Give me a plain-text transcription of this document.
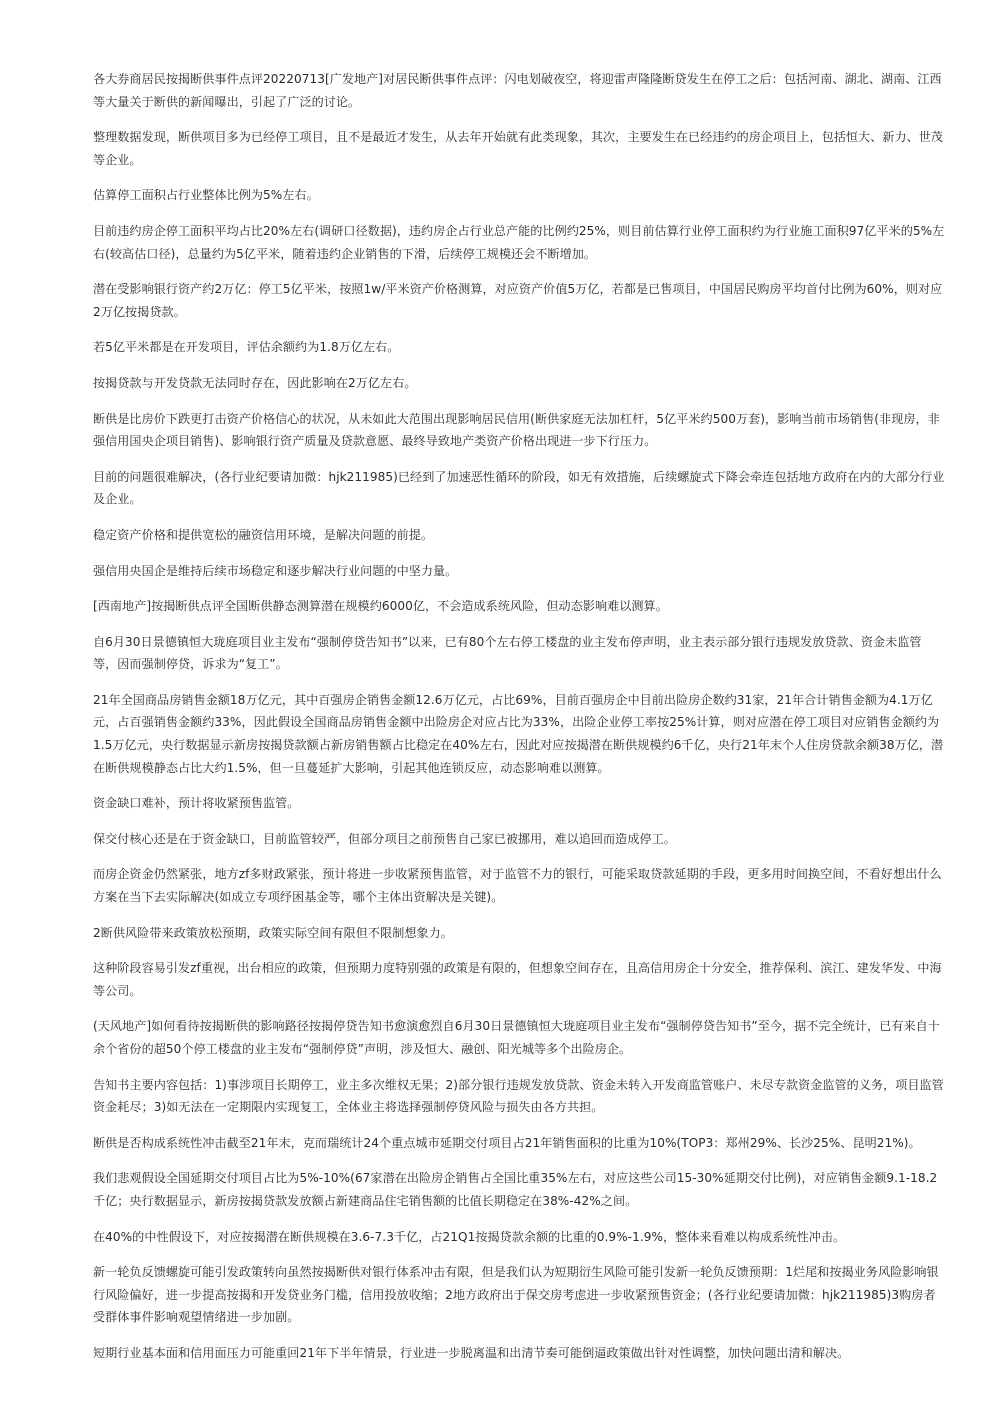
各大券商居民按揭断供事件点评20220713[广发地产]对居民断供事件点评：闪电划破夜空，将迎雷声隆隆断贷发生在停工之后：包括河南、湖北、湖南、江西等大量关于断供的新闻曝出，引起了广泛的讨论。

整理数据发现，断供项目多为已经停工项目，且不是最近才发生，从去年开始就有此类现象，其次，主要发生在已经违约的房企项目上，包括恒大、新力、世茂等企业。

估算停工面积占行业整体比例为5%左右。

目前违约房企停工面积平均占比20%左右(调研口径数据)，违约房企占行业总产能的比例约25%，则目前估算行业停工面积约为行业施工面积97亿平米的5%左右(较高估口径)，总量约为5亿平米，随着违约企业销售的下滑，后续停工规模还会不断增加。

潜在受影响银行资产约2万亿：停工5亿平米，按照1w/平米资产价格测算，对应资产价值5万亿，若都是已售项目，中国居民购房平均首付比例为60%，则对应2万亿按揭贷款。

若5亿平米都是在开发项目，评估余额约为1.8万亿左右。

按揭贷款与开发贷款无法同时存在，因此影响在2万亿左右。

断供是比房价下跌更打击资产价格信心的状况，从未如此大范围出现影响居民信用(断供家庭无法加杠杆，5亿平米约500万套)，影响当前市场销售(非现房，非强信用国央企项目销售)、影响银行资产质量及贷款意愿、最终导致地产类资产价格出现进一步下行压力。

目前的问题很难解决，(各行业纪要请加微：hjk211985)已经到了加速恶性循环的阶段，如无有效措施，后续螺旋式下降会牵连包括地方政府在内的大部分行业及企业。

稳定资产价格和提供宽松的融资信用环境，是解决问题的前提。

强信用央国企是维持后续市场稳定和逐步解决行业问题的中坚力量。

[西南地产]按揭断供点评全国断供静态测算潜在规模约6000亿，不会造成系统风险，但动态影响难以测算。

自6月30日景德镇恒大珑庭项目业主发布“强制停贷告知书”以来，已有80个左右停工楼盘的业主发布停声明，业主表示部分银行违规发放贷款、资金未监管等，因而强制停贷，诉求为“复工”。

21年全国商品房销售金额18万亿元，其中百强房企销售金额12.6万亿元，占比69%，目前百强房企中目前出险房企数约31家，21年合计销售金额为4.1万亿元，占百强销售金额约33%，因此假设全国商品房销售金额中出险房企对应占比为33%，出险企业停工率按25%计算，则对应潜在停工项目对应销售金额约为1.5万亿元，央行数据显示新房按揭贷款额占新房销售额占比稳定在40%左右，因此对应按揭潜在断供规模约6千亿，央行21年末个人住房贷款余额38万亿，潜在断供规模静态占比大约1.5%，但一旦蔓延扩大影响，引起其他连锁反应，动态影响难以测算。

资金缺口难补，预计将收紧预售监管。

保交付核心还是在于资金缺口，目前监管较严，但部分项目之前预售自己家已被挪用，难以追回而造成停工。

而房企资金仍然紧张，地方zf多财政紧张，预计将进一步收紧预售监管，对于监管不力的银行，可能采取贷款延期的手段，更多用时间换空间，不看好想出什么方案在当下去实际解决(如成立专项纾困基金等，哪个主体出资解决是关键)。

2断供风险带来政策放松预期，政策实际空间有限但不限制想象力。

这种阶段容易引发zf重视，出台相应的政策，但预期力度特别强的政策是有限的，但想象空间存在，且高信用房企十分安全，推荐保利、滨江、建发华发、中海等公司。

(天风地产]如何看待按揭断供的影响路径按揭停贷告知书愈演愈烈自6月30日景德镇恒大珑庭项目业主发布“强制停贷告知书”至今，据不完全统计，已有来自十余个省份的超50个停工楼盘的业主发布“强制停贷”声明，涉及恒大、融创、阳光城等多个出险房企。

告知书主要内容包括：1)事涉项目长期停工，业主多次维权无果；2)部分银行违规发放贷款、资金未转入开发商监管账户、未尽专款资金监管的义务，项目监管资金耗尽；3)如无法在一定期限内实现复工，全体业主将选择强制停贷风险与损失由各方共担。

断供是否构成系统性冲击截至21年末，克而瑞统计24个重点城市延期交付项目占21年销售面积的比重为10%(TOP3：郑州29%、长沙25%、昆明21%)。

我们悲观假设全国延期交付项目占比为5%-10%(67家潜在出险房企销售占全国比重35%左右，对应这些公司15-30%延期交付比例)，对应销售金额9.1-18.2千亿；央行数据显示，新房按揭贷款发放额占新建商品住宅销售额的比值长期稳定在38%-42%之间。

在40%的中性假设下，对应按揭潜在断供规模在3.6-7.3千亿，占21Q1按揭贷款余额的比重的0.9%-1.9%，整体来看难以构成系统性冲击。

新一轮负反馈螺旋可能引发政策转向虽然按揭断供对银行体系冲击有限，但是我们认为短期衍生风险可能引发新一轮负反馈预期：1烂尾和按揭业务风险影响银行风险偏好，进一步提高按揭和开发贷业务门槛，信用投放收缩；2地方政府出于保交房考虑进一步收紧预售资金；(各行业纪要请加微：hjk211985)3购房者受群体事件影响观望情绪进一步加剧。

短期行业基本面和信用面压力可能重回21年下半年情景，行业进一步脱离温和出清节奏可能倒逼政策做出针对性调整，加快问题出清和解决。
